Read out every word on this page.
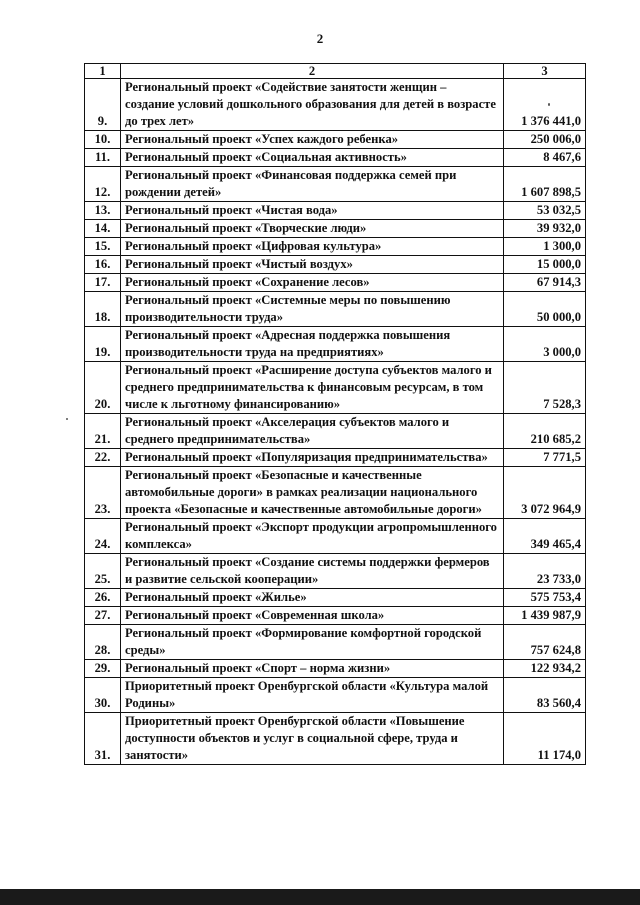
2
1	2	3
9.	Региональный проект «Содействие занятости женщин – создание условий дошкольного образования для детей в возрасте до трех лет»	1 376 441,0
10.	Региональный проект «Успех каждого ребенка»	250 006,0
11.	Региональный проект «Социальная активность»	8 467,6
12.	Региональный проект «Финансовая поддержка семей при рождении детей»	1 607 898,5
13.	Региональный проект «Чистая вода»	53 032,5
14.	Региональный проект «Творческие люди»	39 932,0
15.	Региональный проект «Цифровая культура»	1 300,0
16.	Региональный проект «Чистый воздух»	15 000,0
17.	Региональный проект «Сохранение лесов»	67 914,3
18.	Региональный проект «Системные меры по повышению производительности труда»	50 000,0
19.	Региональный проект «Адресная поддержка повышения производительности труда на предприятиях»	3 000,0
20.	Региональный проект «Расширение доступа субъектов малого и среднего предпринимательства к финансовым ресурсам, в том числе к льготному финансированию»	7 528,3
21.	Региональный проект «Акселерация субъектов малого и среднего предпринимательства»	210 685,2
22.	Региональный проект «Популяризация предпринимательства»	7 771,5
23.	Региональный проект «Безопасные и качественные автомобильные дороги» в рамках реализации национального проекта «Безопасные и качественные автомобильные дороги»	3 072 964,9
24.	Региональный проект «Экспорт продукции агропромышленного комплекса»	349 465,4
25.	Региональный проект «Создание системы поддержки фермеров и развитие сельской кооперации»	23 733,0
26.	Региональный проект «Жилье»	575 753,4
27.	Региональный проект «Современная школа»	1 439 987,9
28.	Региональный проект «Формирование комфортной городской среды»	757 624,8
29.	Региональный проект «Спорт – норма жизни»	122 934,2
30.	Приоритетный проект Оренбургской области «Культура малой Родины»	83 560,4
31.	Приоритетный проект Оренбургской области «Повышение доступности объектов и услуг в социальной сфере, труда и занятости»	11 174,0
